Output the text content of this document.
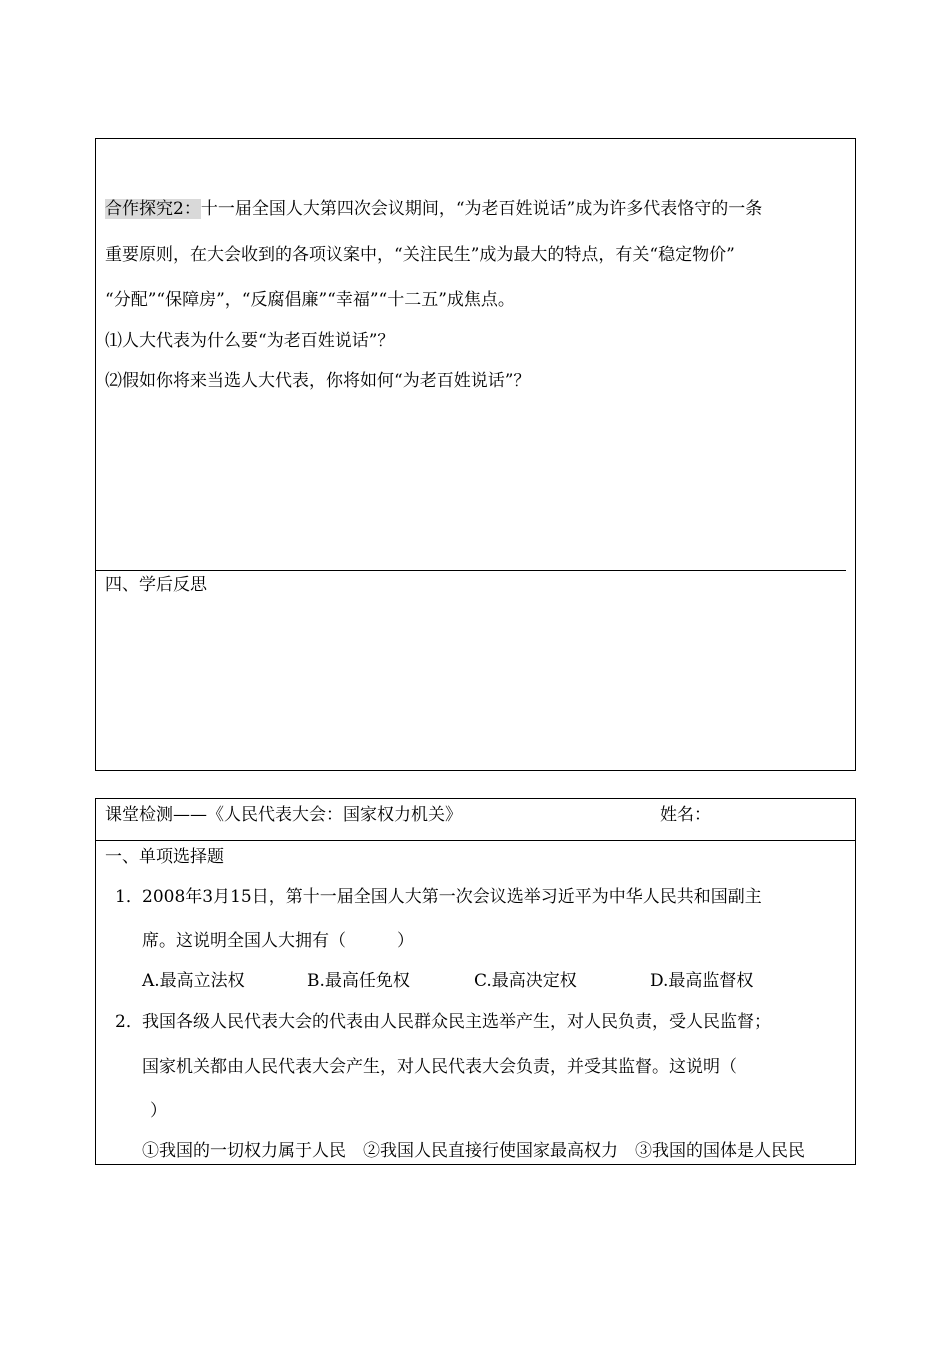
合作探究2：十一届全国人大第四次会议期间，“为老百姓说话”成为许多代表恪守的一条
重要原则，在大会收到的各项议案中，“关注民生”成为最大的特点，有关“稳定物价”
“分配”“保障房”，“反腐倡廉”“幸福”“十二五”成焦点。
⑴人大代表为什么要“为老百姓说话”？
⑵假如你将来当选人大代表，你将如何“为老百姓说话”？
四、学后反思
课堂检测——《人民代表大会：国家权力机关》	姓名：
一、单项选择题
1． 2008年3月15日，第十一届全国人大第一次会议选举习近平为中华人民共和国副主
席。这说明全国人大拥有（　　　）
A.最高立法权	B.最高任免权	C.最高决定权	D.最高监督权
2． 我国各级人民代表大会的代表由人民群众民主选举产生，对人民负责，受人民监督；
国家机关都由人民代表大会产生，对人民代表大会负责，并受其监督。这说明（
）
①我国的一切权力属于人民　②我国人民直接行使国家最高权力　③我国的国体是人民民
